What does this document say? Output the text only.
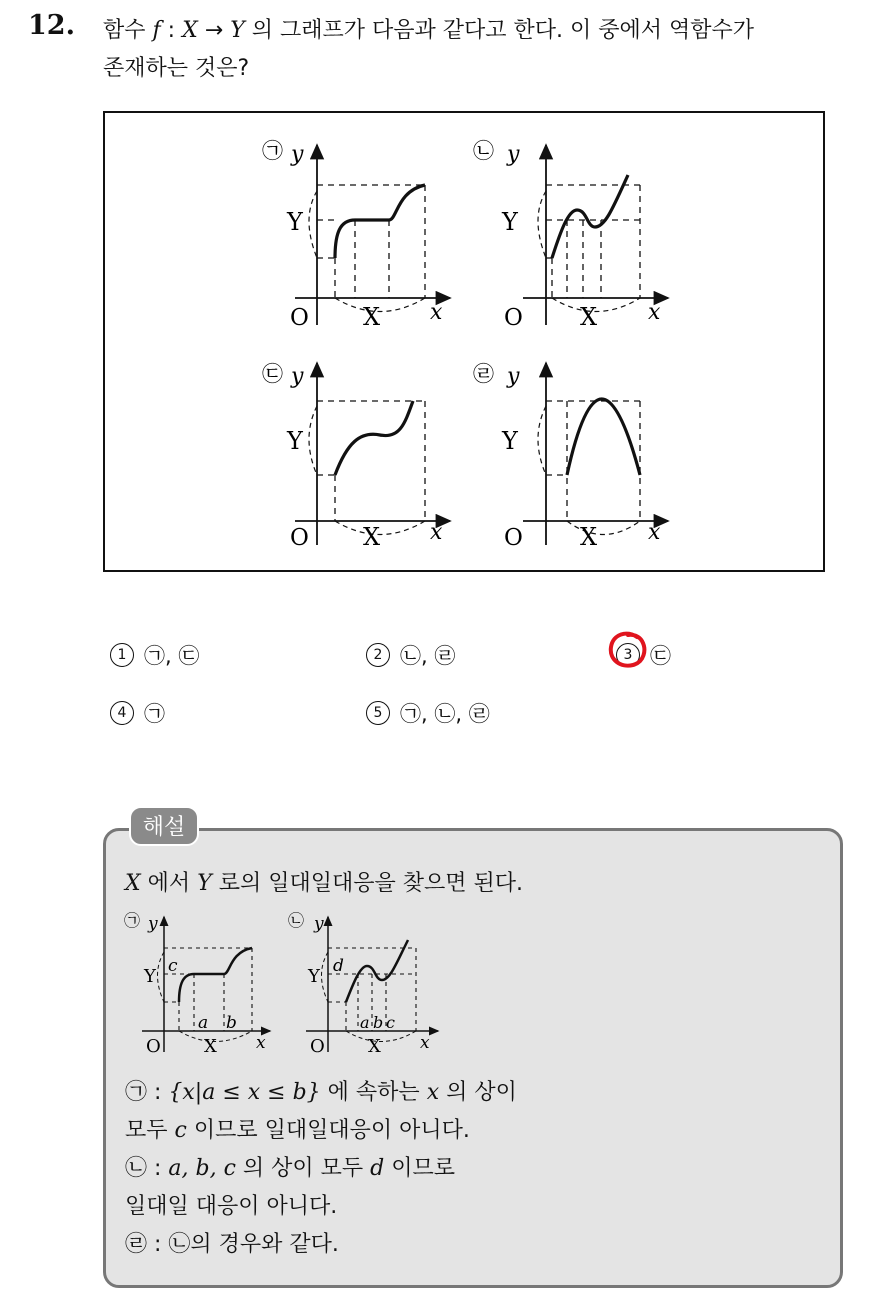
12. 함수 f : X → Y 의 그래프가 다음과 같다고 한다. 이 중에서 역함수가
존재하는 것은?
㉠ y
x
O X
Y
㉡ y
x
O X
Y
㉢ y
x
O X
Y
㉣ y
x
O X
Y
1 ㉠, ㉢	2 ㉡, ㉣	3 ㉢
4 ㉠	5 ㉠, ㉡, ㉣
해설
X 에서 Y 로의 일대일대응을 찾으면 된다.
㉠ y
x
O X
Y c
a b
㉡ y
x
O X
Y d
a b c
㉠ : {x|a ≤ x ≤ b} 에 속하는 x 의 상이
모두 c 이므로 일대일대응이 아니다.
㉡ : a, b, c 의 상이 모두 d 이므로
일대일 대응이 아니다.
㉣ : ㉡의 경우와 같다.
